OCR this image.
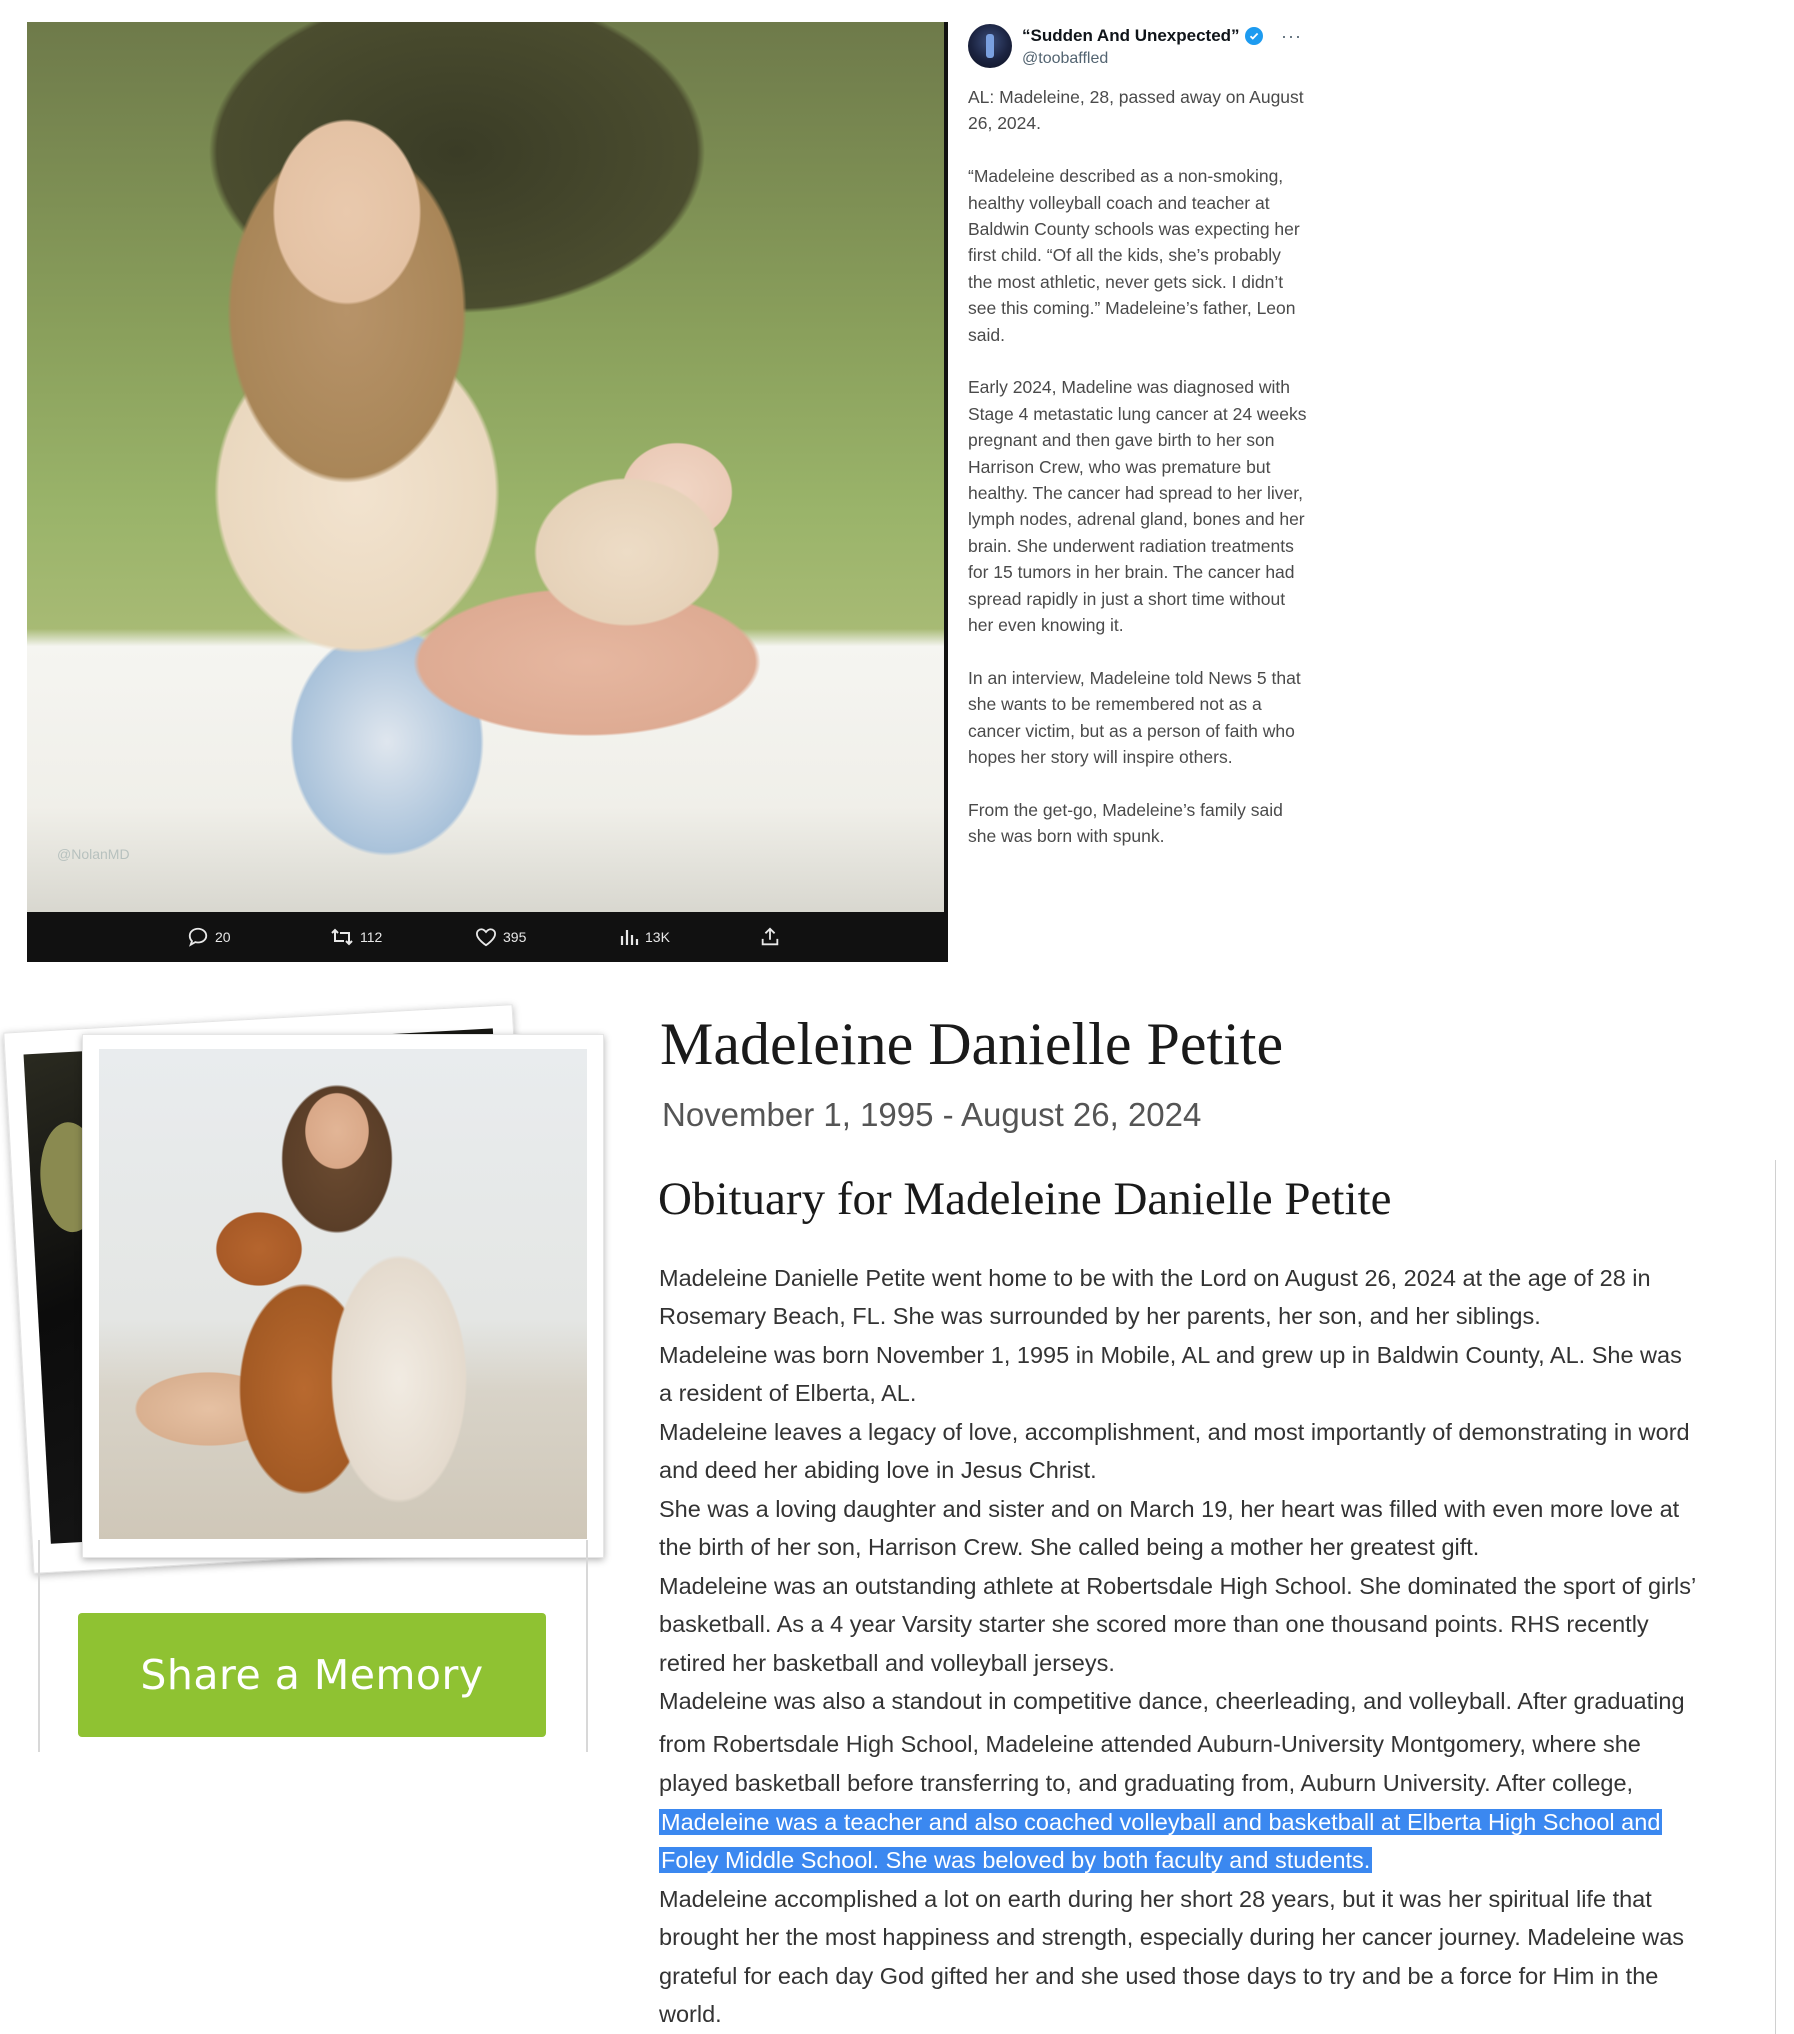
@NolanMD
20	112	395	13K
“Sudden And Unexpected”
@toobaffled
···

AL: Madeleine, 28, passed away on August 26, 2024.

“Madeleine described as a non-smoking, healthy volleyball coach and teacher at Baldwin County schools was expecting her first child. “Of all the kids, she’s probably the most athletic, never gets sick. I didn’t see this coming.” Madeleine’s father, Leon said.

Early 2024, Madeline was diagnosed with Stage 4 metastatic lung cancer at 24 weeks pregnant and then gave birth to her son Harrison Crew, who was premature but healthy. The cancer had spread to her liver, lymph nodes, adrenal gland, bones and her brain. She underwent radiation treatments for 15 tumors in her brain. The cancer had spread rapidly in just a short time without her even knowing it.

In an interview, Madeleine told News 5 that she wants to be remembered not as a cancer victim, but as a person of faith who hopes her story will inspire others.

From the get-go, Madeleine’s family said she was born with spunk.

Share a Memory
Madeleine Danielle Petite
November 1, 1995 - August 26, 2024
Obituary for Madeleine Danielle Petite
Madeleine Danielle Petite went home to be with the Lord on August 26, 2024 at the age of 28 in
Rosemary Beach, FL. She was surrounded by her parents, her son, and her siblings.
Madeleine was born November 1, 1995 in Mobile, AL and grew up in Baldwin County, AL. She was
a resident of Elberta, AL.
Madeleine leaves a legacy of love, accomplishment, and most importantly of demonstrating in word
and deed her abiding love in Jesus Christ.
She was a loving daughter and sister and on March 19, her heart was filled with even more love at
the birth of her son, Harrison Crew. She called being a mother her greatest gift.
Madeleine was an outstanding athlete at Robertsdale High School. She dominated the sport of girls’
basketball. As a 4 year Varsity starter she scored more than one thousand points. RHS recently
retired her basketball and volleyball jerseys.
Madeleine was also a standout in competitive dance, cheerleading, and volleyball. After graduating
from Robertsdale High School, Madeleine attended Auburn-University Montgomery, where she
played basketball before transferring to, and graduating from, Auburn University. After college,
Madeleine was a teacher and also coached volleyball and basketball at Elberta High School and
Foley Middle School. She was beloved by both faculty and students.
Madeleine accomplished a lot on earth during her short 28 years, but it was her spiritual life that
brought her the most happiness and strength, especially during her cancer journey. Madeleine was
grateful for each day God gifted her and she used those days to try and be a force for Him in the
world.
